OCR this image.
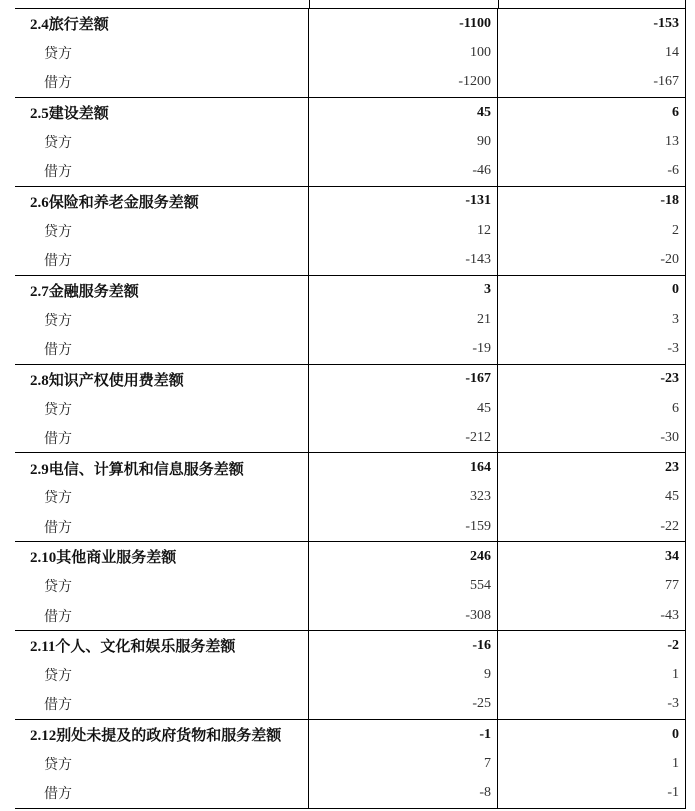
2.4旅行差额	-1100	-153
贷方	100	14
借方	-1200	-167
2.5建设差额	45	6
贷方	90	13
借方	-46	-6
2.6保险和养老金服务差额	-131	-18
贷方	12	2
借方	-143	-20
2.7金融服务差额	3	0
贷方	21	3
借方	-19	-3
2.8知识产权使用费差额	-167	-23
贷方	45	6
借方	-212	-30
2.9电信、计算机和信息服务差额	164	23
贷方	323	45
借方	-159	-22
2.10其他商业服务差额	246	34
贷方	554	77
借方	-308	-43
2.11个人、文化和娱乐服务差额	-16	-2
贷方	9	1
借方	-25	-3
2.12别处未提及的政府货物和服务差额	-1	0
贷方	7	1
借方	-8	-1
